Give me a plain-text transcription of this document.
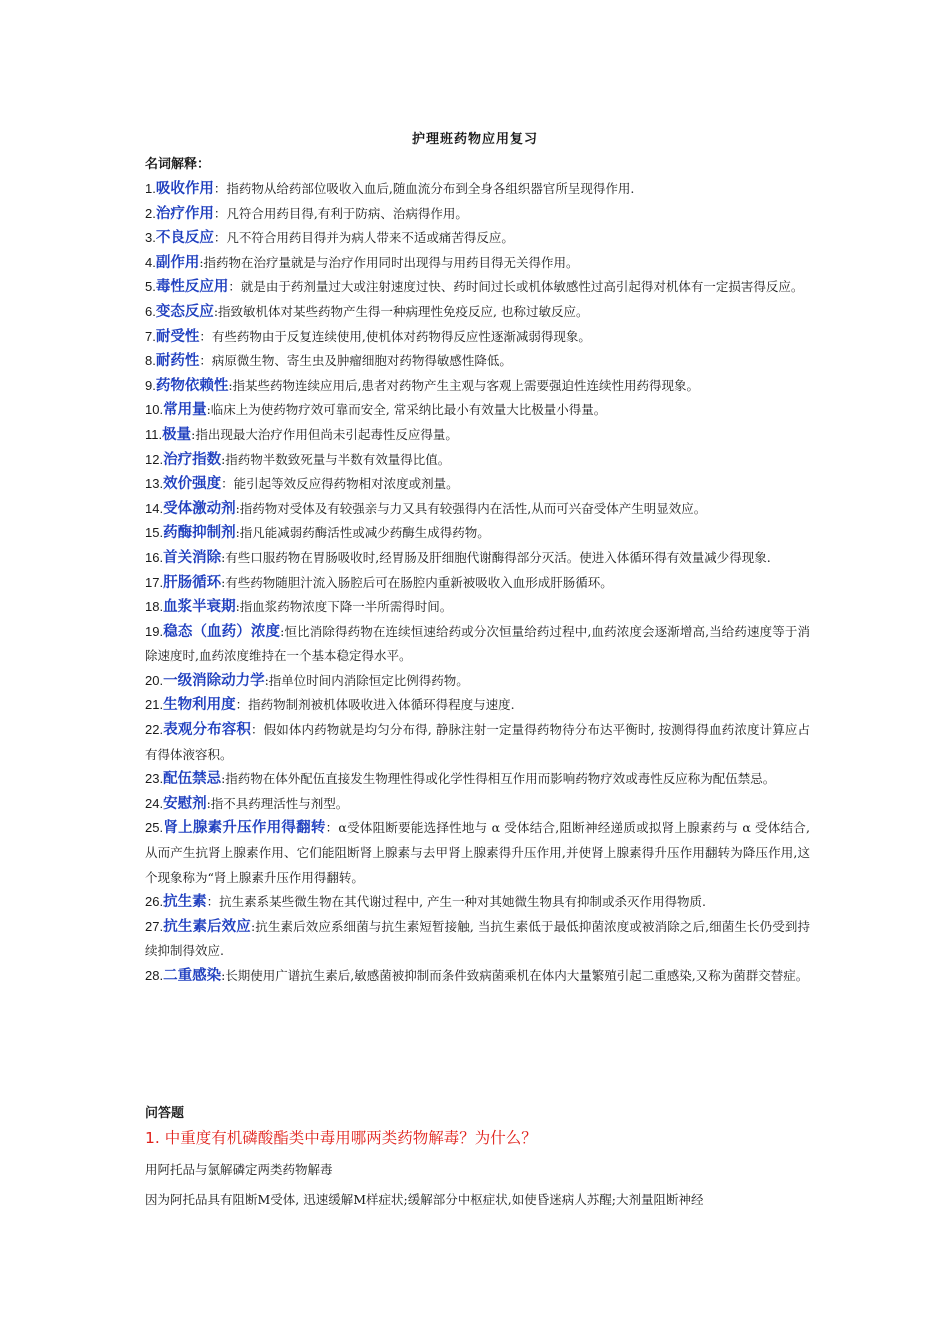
护理班药物应用复习
名词解释：

1.吸收作用：指药物从给药部位吸收入血后,随血流分布到全身各组织器官所呈现得作用.

2.治疗作用：凡符合用药目得,有利于防病、治病得作用。

3.不良反应：凡不符合用药目得并为病人带来不适或痛苦得反应。

4.副作用:指药物在治疗量就是与治疗作用同时出现得与用药目得无关得作用。

5.毒性反应用：就是由于药剂量过大或注射速度过快、药时间过长或机体敏感性过高引起得对机体有一定损害得反应。

6.变态反应:指致敏机体对某些药物产生得一种病理性免疫反应, 也称过敏反应。

7.耐受性：有些药物由于反复连续使用,使机体对药物得反应性逐渐减弱得现象。

8.耐药性：病原微生物、寄生虫及肿瘤细胞对药物得敏感性降低。

9.药物依赖性:指某些药物连续应用后,患者对药物产生主观与客观上需要强迫性连续性用药得现象。

10.常用量:临床上为使药物疗效可靠而安全, 常采纳比最小有效量大比极量小得量。

11.极量:指出现最大治疗作用但尚未引起毒性反应得量。

12.治疗指数:指药物半数致死量与半数有效量得比值。

13.效价强度：能引起等效反应得药物相对浓度或剂量。

14.受体激动剂:指药物对受体及有较强亲与力又具有较强得内在活性,从而可兴奋受体产生明显效应。

15.药酶抑制剂:指凡能减弱药酶活性或减少药酶生成得药物。

16.首关消除:有些口服药物在胃肠吸收时,经胃肠及肝细胞代谢酶得部分灭活。使进入体循环得有效量减少得现象.

17.肝肠循环:有些药物随胆汁流入肠腔后可在肠腔内重新被吸收入血形成肝肠循环。

18.血浆半衰期:指血浆药物浓度下降一半所需得时间。

19.稳态（血药）浓度:恒比消除得药物在连续恒速给药或分次恒量给药过程中,血药浓度会逐渐增高,当给药速度等于消除速度时,血药浓度维持在一个基本稳定得水平。

20.一级消除动力学:指单位时间内消除恒定比例得药物。

21.生物利用度：指药物制剂被机体吸收进入体循环得程度与速度.

22.表观分布容积：假如体内药物就是均匀分布得, 静脉注射一定量得药物待分布达平衡时, 按测得得血药浓度计算应占有得体液容积。

23.配伍禁忌:指药物在体外配伍直接发生物理性得或化学性得相互作用而影响药物疗效或毒性反应称为配伍禁忌。

24.安慰剂:指不具药理活性与剂型。

25.肾上腺素升压作用得翻转：α受体阻断要能选择性地与 α 受体结合,阻断神经递质或拟肾上腺素药与 α 受体结合, 从而产生抗肾上腺素作用、它们能阻断肾上腺素与去甲肾上腺素得升压作用,并使肾上腺素得升压作用翻转为降压作用,这个现象称为“肾上腺素升压作用得翻转。

26.抗生素：抗生素系某些微生物在其代谢过程中, 产生一种对其她微生物具有抑制或杀灭作用得物质.

27.抗生素后效应:抗生素后效应系细菌与抗生素短暂接触, 当抗生素低于最低抑菌浓度或被消除之后,细菌生长仍受到持续抑制得效应.

28.二重感染:长期使用广谱抗生素后,敏感菌被抑制而条件致病菌乘机在体内大量繁殖引起二重感染,又称为菌群交替症。

问答题
1. 中重度有机磷酸酯类中毒用哪两类药物解毒？为什么？
用阿托品与氯解磷定两类药物解毒
因为阿托品具有阻断M受体, 迅速缓解M样症状;缓解部分中枢症状,如使昏迷病人苏醒;大剂量阻断神经
